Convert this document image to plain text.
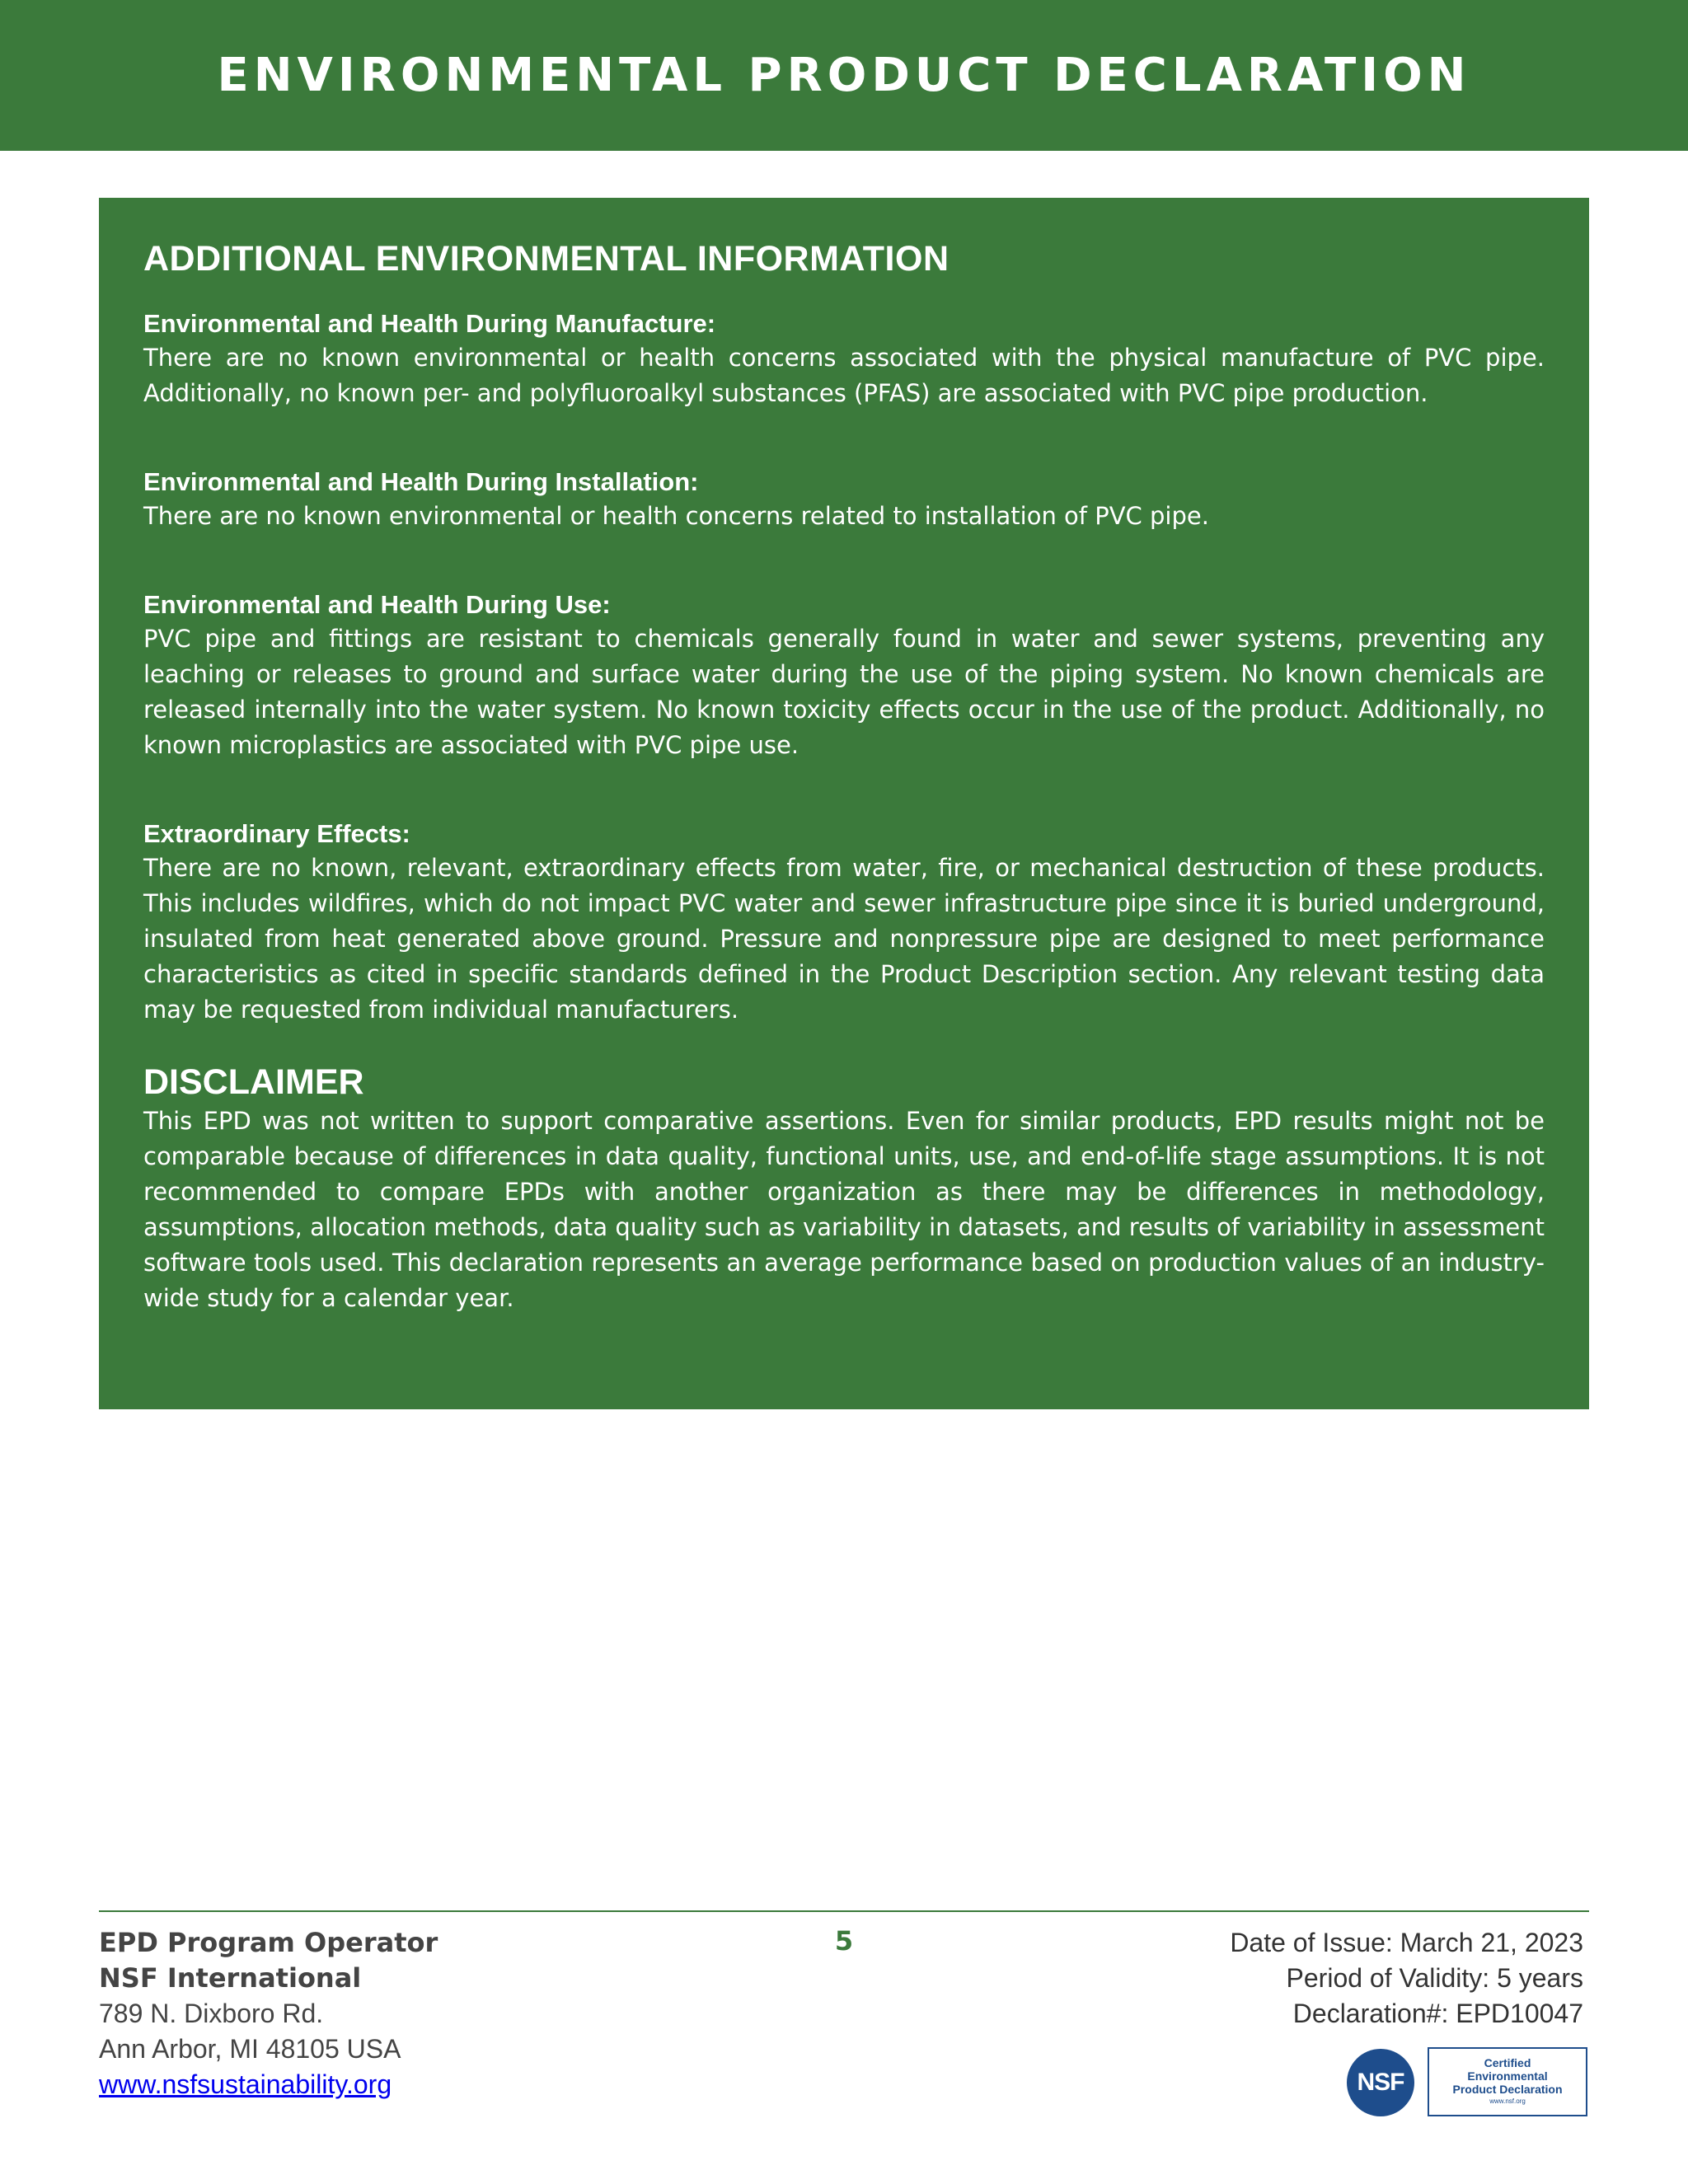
ENVIRONMENTAL PRODUCT DECLARATION
ADDITIONAL ENVIRONMENTAL INFORMATION
Environmental and Health During Manufacture:

There are no known environmental or health concerns associated with the physical manufacture of PVC pipe. Additionally, no known per- and polyfluoroalkyl substances (PFAS) are associated with PVC pipe production.

Environmental and Health During Installation:

There are no known environmental or health concerns related to installation of PVC pipe.

Environmental and Health During Use:

PVC pipe and fittings are resistant to chemicals generally found in water and sewer systems, preventing any leaching or releases to ground and surface water during the use of the piping system. No known chemicals are released internally into the water system. No known toxicity effects occur in the use of the product. Additionally, no known microplastics are associated with PVC pipe use.

Extraordinary Effects:

There are no known, relevant, extraordinary effects from water, fire, or mechanical destruction of these products. This includes wildfires, which do not impact PVC water and sewer infrastructure pipe since it is buried underground, insulated from heat generated above ground. Pressure and nonpressure pipe are designed to meet performance characteristics as cited in specific standards defined in the Product Description section. Any relevant testing data may be requested from individual manufacturers.

DISCLAIMER

This EPD was not written to support comparative assertions. Even for similar products, EPD results might not be comparable because of differences in data quality, functional units, use, and end-of-life stage assumptions. It is not recommended to compare EPDs with another organization as there may be differences in methodology, assumptions, allocation methods, data quality such as variability in datasets, and results of variability in assessment software tools used. This declaration represents an average performance based on production values of an industry-wide study for a calendar year.

EPD Program Operator
NSF International
789 N. Dixboro Rd.
Ann Arbor, MI 48105 USA
www.nsfsustainability.org
5	Date of Issue: March 21, 2023
Period of Validity: 5 years
Declaration#: EPD10047
NSF
Certified
Environmental
Product Declaration
www.nsf.org
